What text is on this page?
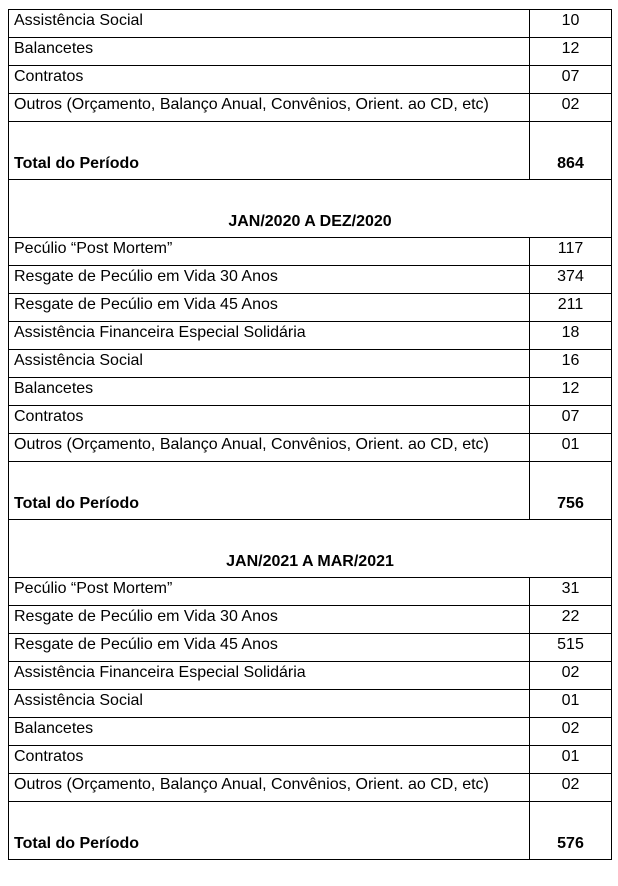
Assistência Social	10
Balancetes	12
Contratos	07
Outros (Orçamento, Balanço Anual, Convênios, Orient. ao CD, etc)	02
Total do Período	864
JAN/2020 A DEZ/2020	
Pecúlio “Post Mortem”	117
Resgate de Pecúlio em Vida 30 Anos	374
Resgate de Pecúlio em Vida 45 Anos	211
Assistência Financeira Especial Solidária	18
Assistência Social	16
Balancetes	12
Contratos	07
Outros (Orçamento, Balanço Anual, Convênios, Orient. ao CD, etc)	01
Total do Período	756
JAN/2021 A MAR/2021	
Pecúlio “Post Mortem”	31
Resgate de Pecúlio em Vida 30 Anos	22
Resgate de Pecúlio em Vida 45 Anos	515
Assistência Financeira Especial Solidária	02
Assistência Social	01
Balancetes	02
Contratos	01
Outros (Orçamento, Balanço Anual, Convênios, Orient. ao CD, etc)	02
Total do Período	576
